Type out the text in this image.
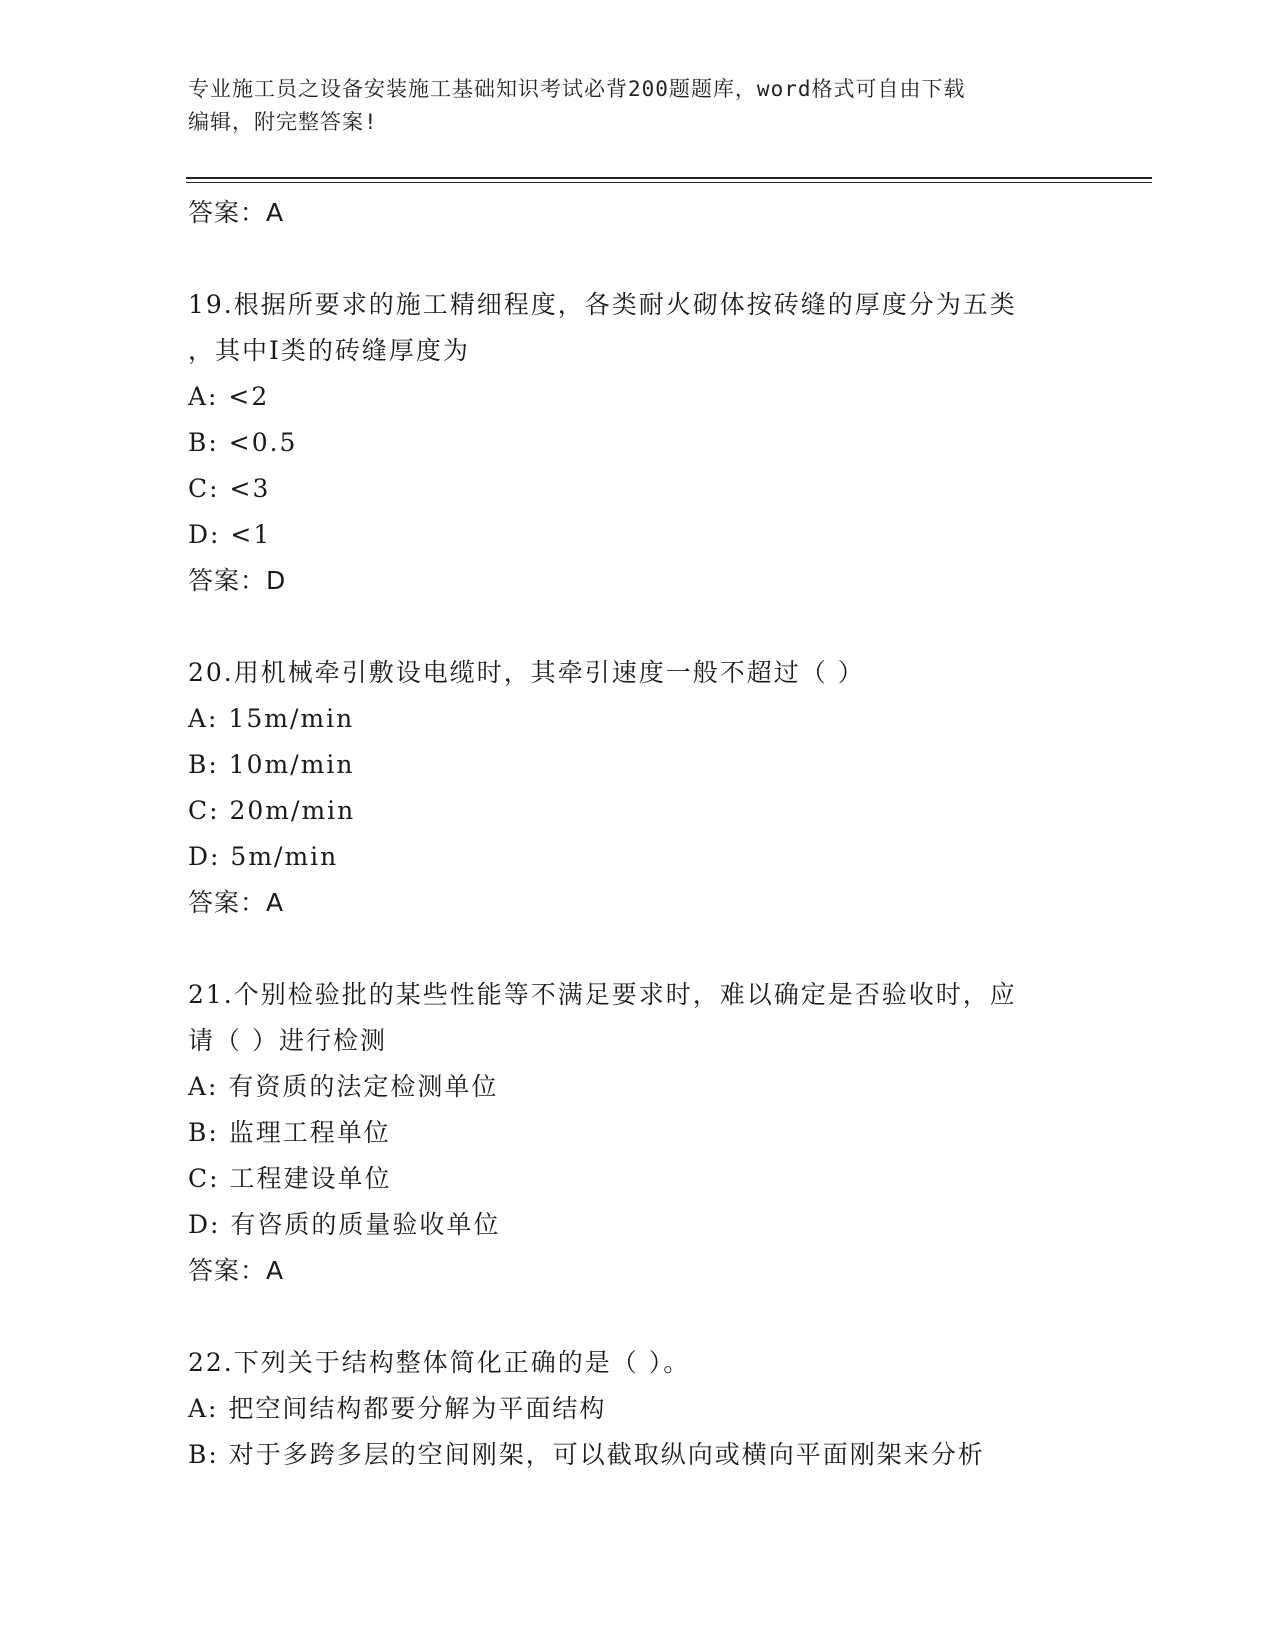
专业施工员之设备安装施工基础知识考试必背200题题库，word格式可自由下载
编辑，附完整答案!
答案：A
19.根据所要求的施工精细程度，各类耐火砌体按砖缝的厚度分为五类
，其中Ⅰ类的砖缝厚度为
A: <2
B: <0.5
C: <3
D: <1
答案：D
20.用机械牵引敷设电缆时，其牵引速度一般不超过（ ）
A: 15m/min
B: 10m/min
C: 20m/min
D: 5m/min
答案：A
21.个别检验批的某些性能等不满足要求时，难以确定是否验收时，应
请（ ）进行检测
A: 有资质的法定检测单位
B: 监理工程单位
C: 工程建设单位
D: 有咨质的质量验收单位
答案：A
22.下列关于结构整体简化正确的是（ ）。
A: 把空间结构都要分解为平面结构
B: 对于多跨多层的空间刚架，可以截取纵向或横向平面刚架来分析
